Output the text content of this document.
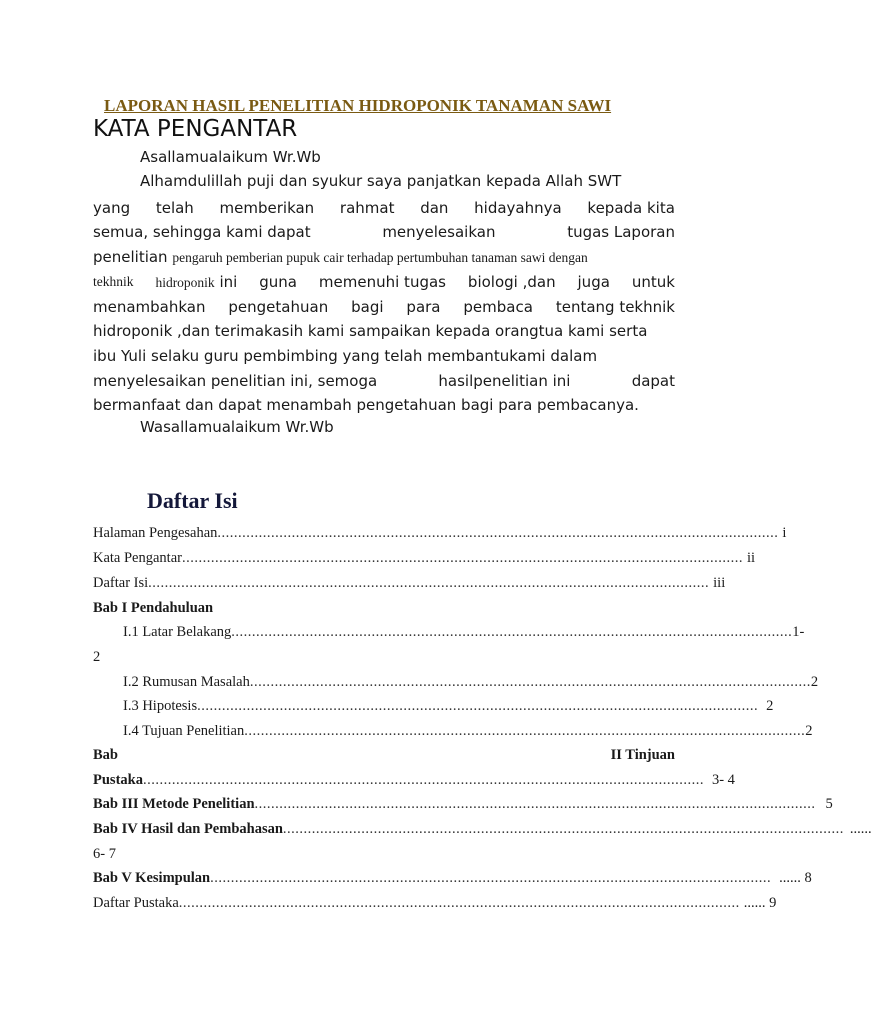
LAPORAN HASIL PENELITIAN HIDROPONIK TANAMAN SAWI
KATA PENGANTAR
Asallamualaikum Wr.Wb
Alhamdulillah puji dan syukur saya panjatkan kepada Allah SWT
yang telah memberikan rahmat dan hidayahnya kepada kita
semua, sehingga kami dapat	menyelesaikan	tugas Laporan
penelitian pengaruh pemberian pupuk cair terhadap pertumbuhan tanaman sawi dengan
tekhnik hidroponik ini guna memenuhi tugas biologi ,dan juga untuk
menambahkan pengetahuan bagi para pembaca tentang tekhnik
hidroponik ,dan terimakasih kami sampaikan kepada orangtua kami serta
ibu Yuli selaku guru pembimbing yang telah membantukami dalam
menyelesaikan penelitian ini, semoga	hasilpenelitian ini	dapat
bermanfaat dan dapat menambah pengetahuan bagi para pembacanya.
Wasallamualaikum Wr.Wb
Daftar Isi
Halaman Pengesahan ........................................................................................................................................ i
Kata Pengantar ........................................................................................................................................ ii
Daftar Isi ........................................................................................................................................ iii
Bab I Pendahuluan
I.1 Latar Belakang ........................................................................................................................................ 1-
2
I.2 Rumusan Masalah ........................................................................................................................................ 2
I.3 Hipotesis ........................................................................................................................................ 2
I.4 Tujuan Penelitian ........................................................................................................................................ 2
Bab	II Tinjuan
Pustaka ........................................................................................................................................ 3- 4
Bab III Metode Penelitian ........................................................................................................................................ 5
Bab IV Hasil dan Pembahasan ........................................................................................................................................ ......
6- 7
Bab V Kesimpulan ........................................................................................................................................ ...... 8
Daftar Pustaka ........................................................................................................................................ ...... 9
